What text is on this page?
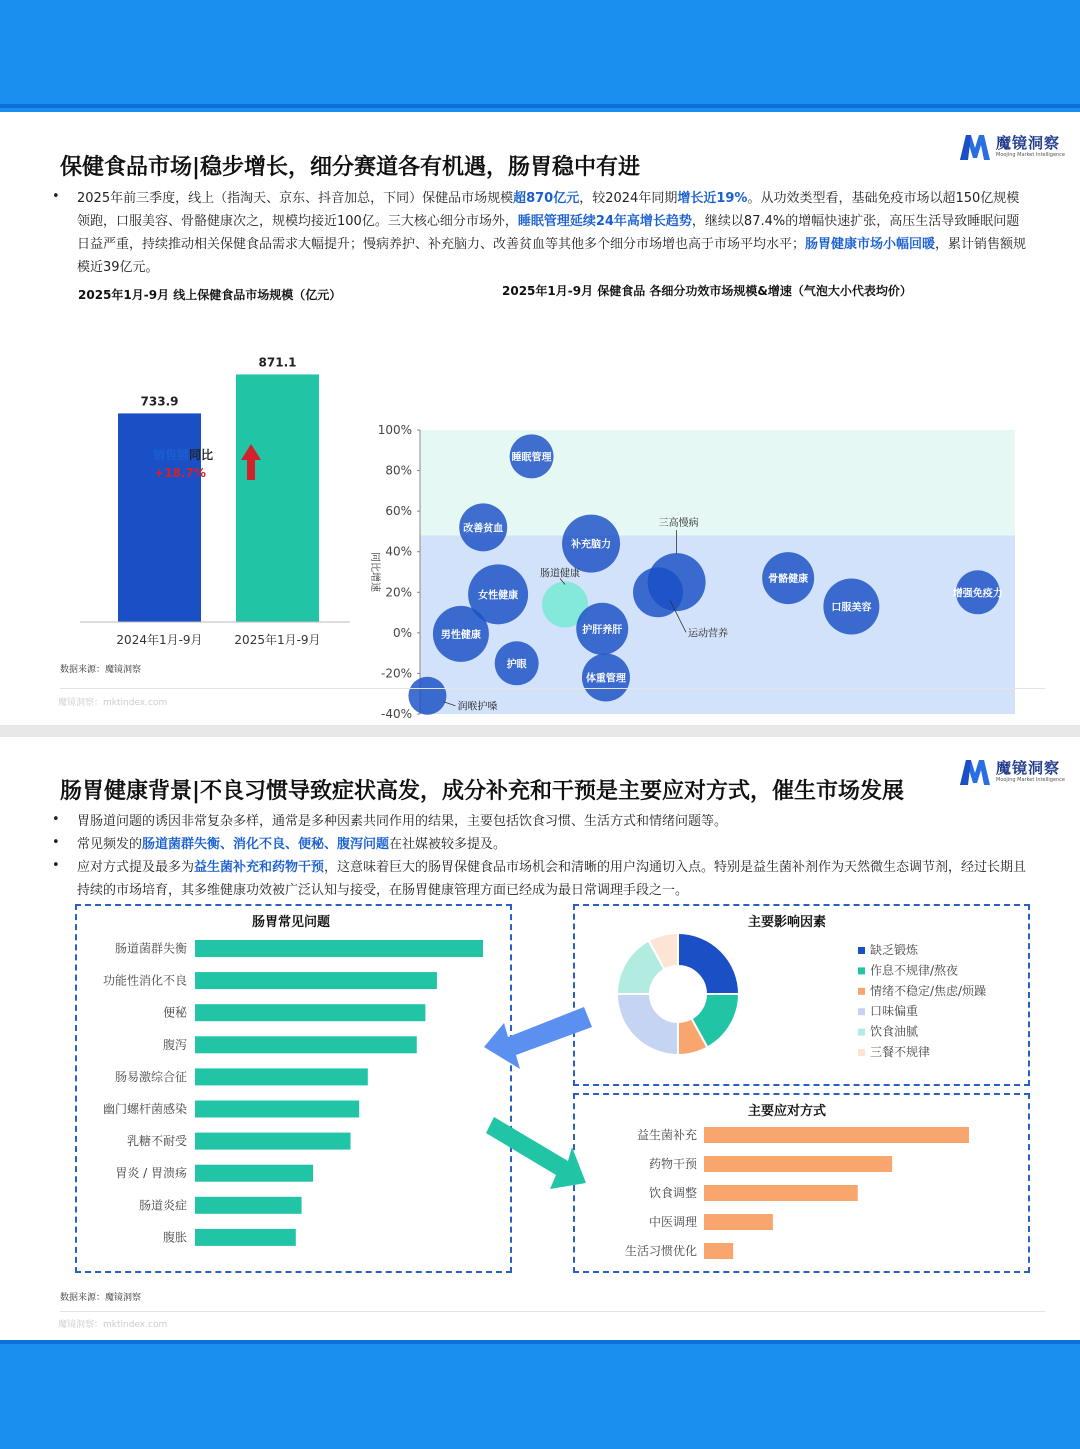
魔镜洞察
Moojing Market Intelligence
保健食品市场|稳步增长，细分赛道各有机遇，肠胃稳中有进
• 2025年前三季度，线上（指淘天、京东、抖音加总，下同）保健品市场规模超870亿元，较2024年同期增长近19%。从功效类型看，基础免疫市场以超150亿规模领跑，口服美容、骨骼健康次之，规模均接近100亿。三大核心细分市场外，睡眠管理延续24年高增长趋势，继续以87.4%的增幅快速扩张，高压生活导致睡眠问题日益严重，持续推动相关保健食品需求大幅提升；慢病养护、补充脑力、改善贫血等其他多个细分市场增也高于市场平均水平；肠胃健康市场小幅回暖，累计销售额规模近39亿元。
2025年1月-9月 线上保健食品市场规模（亿元）	2025年1月-9月 保健食品 各细分功效市场规模&增速（气泡大小代表均价）
733.9
2024年1月-9月
871.1
2025年1月-9月
销售额同比
+18.7%
-40%
-20%
0%
20%
40%
60%
80%
100%
同比增速
睡眠管理
改善贫血
补充脑力
三高慢病
骨骼健康
口服美容
增强免疫力
女性健康
肠道健康
运动营养
男性健康	护肝养肝
护眼
体重管理
润喉护嗓
数据来源：魔镜洞察
魔镜洞察：mktindex.com
魔镜洞察
Moojing Market Intelligence
肠胃健康背景|不良习惯导致症状高发，成分补充和干预是主要应对方式，催生市场发展
• 胃肠道问题的诱因非常复杂多样，通常是多种因素共同作用的结果，主要包括饮食习惯、生活方式和情绪问题等。
• 常见频发的肠道菌群失衡、消化不良、便秘、腹泻问题在社媒被较多提及。
• 应对方式提及最多为益生菌补充和药物干预，这意味着巨大的肠胃保健食品市场机会和清晰的用户沟通切入点。特别是益生菌补剂作为天然微生态调节剂，经过长期且持续的市场培育，其多维健康功效被广泛认知与接受，在肠胃健康管理方面已经成为最日常调理手段之一。
肠胃常见问题
肠道菌群失衡
功能性消化不良
便秘
腹泻
肠易激综合征
幽门螺杆菌感染
乳糖不耐受
胃炎 / 胃溃疡
肠道炎症
腹胀
主要影响因素
缺乏锻炼
作息不规律/熬夜
情绪不稳定/焦虑/烦躁
口味偏重
饮食油腻
三餐不规律
主要应对方式
益生菌补充
药物干预
饮食调整
中医调理
生活习惯优化
数据来源：魔镜洞察
魔镜洞察：mktindex.com
